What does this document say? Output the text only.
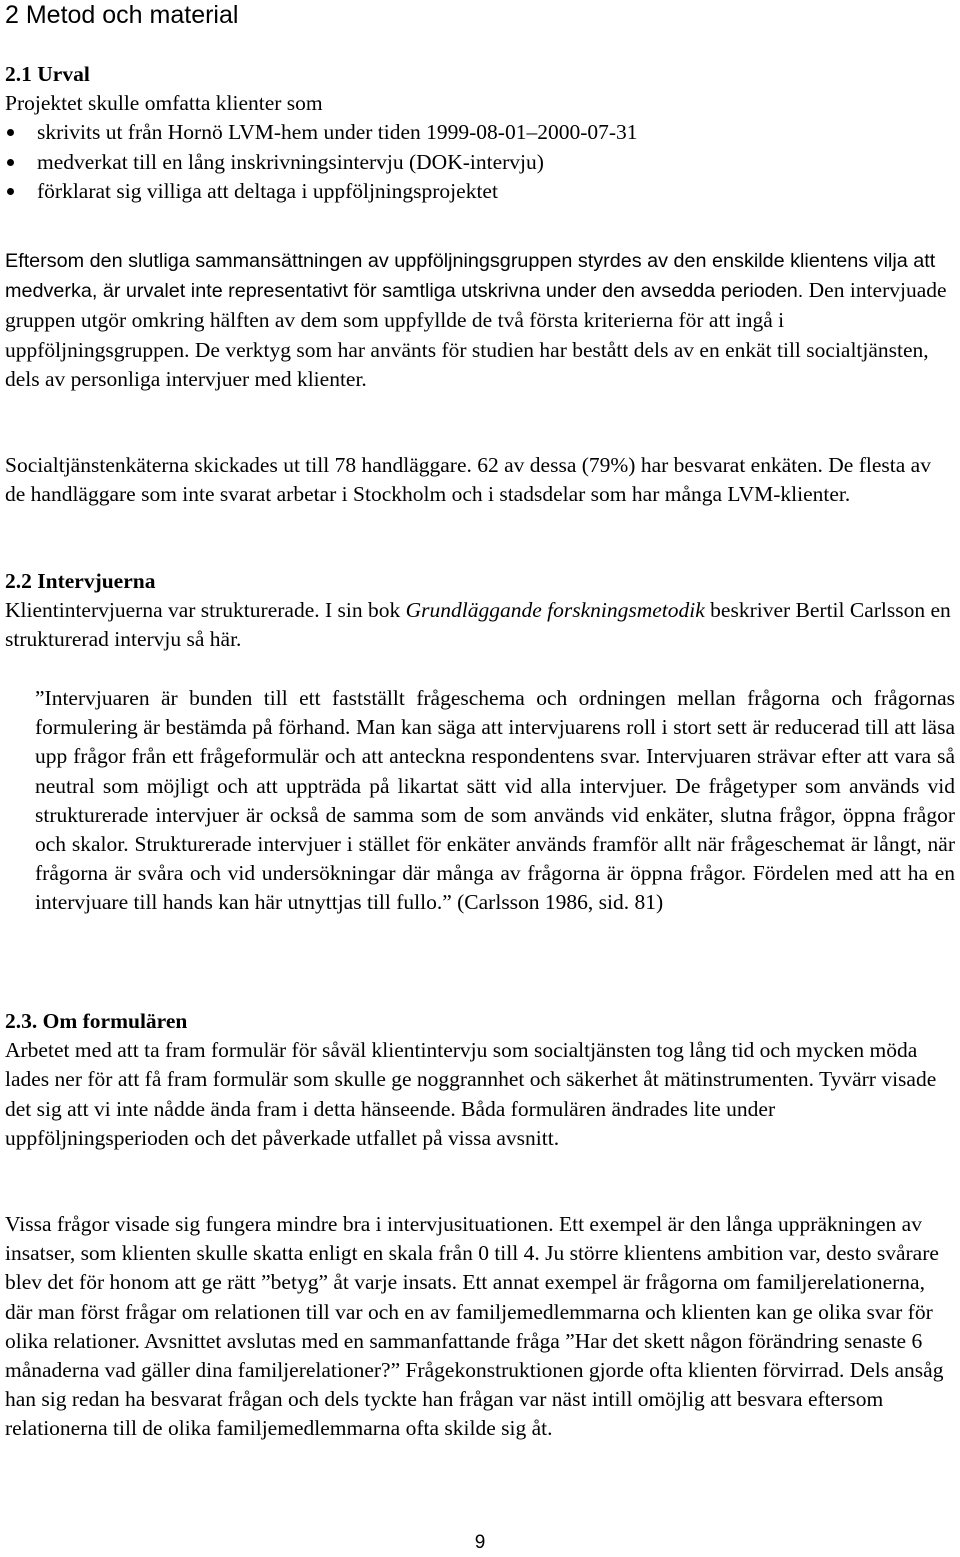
2 Metod och material
2.1 Urval

Projektet skulle omfatta klienter som

skrivits ut från Hornö LVM-hem under tiden 1999-08-01–2000-07-31
medverkat till en lång inskrivningsintervju (DOK-intervju)
förklarat sig villiga att deltaga i uppföljningsprojektet

Eftersom den slutliga sammansättningen av uppföljningsgruppen styrdes av den enskilde klientens vilja att medverka, är urvalet inte representativt för samtliga utskrivna under den avsedda perioden. Den intervjuade gruppen utgör omkring hälften av dem som uppfyllde de två första kriterierna för att ingå i uppföljningsgruppen. De verktyg som har använts för studien har bestått dels av en enkät till socialtjänsten, dels av personliga intervjuer med klienter.

Socialtjänstenkäterna skickades ut till 78 handläggare. 62 av dessa (79%) har besvarat enkäten. De flesta av de handläggare som inte svarat arbetar i Stockholm och i stadsdelar som har många LVM-klienter.

2.2 Intervjuerna

Klientintervjuerna var strukturerade. I sin bok Grundläggande forskningsmetodik beskriver Bertil Carlsson en strukturerad intervju så här.

”Intervjuaren är bunden till ett fastställt frågeschema och ordningen mellan frågorna och frågornas formulering är bestämda på förhand. Man kan säga att intervjuarens roll i stort sett är reducerad till att läsa upp frågor från ett frågeformulär och att anteckna respondentens svar. Intervjuaren strävar efter att vara så neutral som möjligt och att uppträda på likartat sätt vid alla intervjuer. De frågetyper som används vid strukturerade intervjuer är också de samma som de som används vid enkäter, slutna frågor, öppna frågor och skalor. Strukturerade intervjuer i stället för enkäter används framför allt när frågeschemat är långt, när frågorna är svåra och vid undersökningar där många av frågorna är öppna frågor. Fördelen med att ha en intervjuare till hands kan här utnyttjas till fullo.” (Carlsson 1986, sid. 81)

2.3. Om formulären

Arbetet med att ta fram formulär för såväl klientintervju som socialtjänsten tog lång tid och mycken möda lades ner för att få fram formulär som skulle ge noggrannhet och säkerhet åt mätinstrumenten. Tyvärr visade det sig att vi inte nådde ända fram i detta hänseende. Båda formulären ändrades lite under uppföljningsperioden och det påverkade utfallet på vissa avsnitt.

Vissa frågor visade sig fungera mindre bra i intervjusituationen. Ett exempel är den långa uppräkningen av insatser, som klienten skulle skatta enligt en skala från 0 till 4. Ju större klientens ambition var, desto svårare blev det för honom att ge rätt ”betyg” åt varje insats. Ett annat exempel är frågorna om familjerelationerna, där man först frågar om relationen till var och en av familjemedlemmarna och klienten kan ge olika svar för olika relationer. Avsnittet avslutas med en sammanfattande fråga ”Har det skett någon förändring senaste 6 månaderna vad gäller dina familjerelationer?” Frågekonstruktionen gjorde ofta klienten förvirrad. Dels ansåg han sig redan ha besvarat frågan och dels tyckte han frågan var näst intill omöjlig att besvara eftersom relationerna till de olika familjemedlemmarna ofta skilde sig åt.

9
